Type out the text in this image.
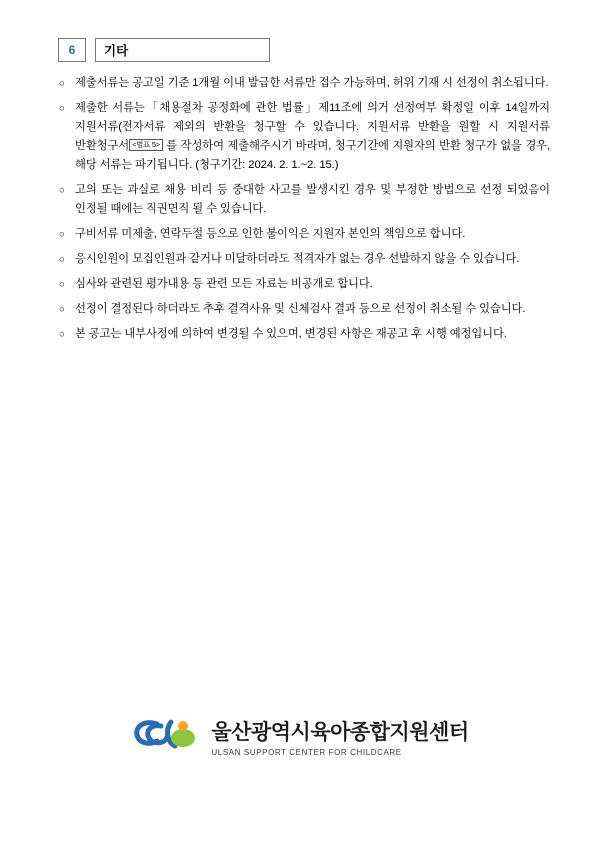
6	기타
○ 제출서류는 공고일 기준 1개월 이내 발급한 서류만 접수 가능하며, 허위 기재 시 선정이 취소됩니다.
○ 제출한 서류는「채용절차 공정화에 관한 법률」제11조에 의거 선정여부 확정일 이후 14일까지 지원서류(전자서류 제외의 반환을 청구할 수 있습니다. 지원서류 반환을 원할 시 지원서류 반환청구서 <별표 5> 를 작성하여 제출해주시기 바라며, 청구기간에 지원자의 반환 청구가 없을 경우, 해당 서류는 파기됩니다. (청구기간: 2024. 2. 1.~2. 15.)
○ 고의 또는 과실로 채용 비리 등 중대한 사고를 발생시킨 경우 및 부정한 방법으로 선정 되었음이 인정될 때에는 직권면직 될 수 있습니다.
○ 구비서류 미제출, 연락두절 등으로 인한 불이익은 지원자 본인의 책임으로 합니다.
○ 응시인원이 모집인원과 같거나 미달하더라도 적격자가 없는 경우 선발하지 않을 수 있습니다.
○ 심사와 관련된 평가내용 등 관련 모든 자료는 비공개로 합니다.
○ 선정이 결정된다 하더라도 추후 결격사유 및 신체검사 결과 등으로 선정이 취소될 수 있습니다.
○ 본 공고는 내부사정에 의하여 변경될 수 있으며, 변경된 사항은 재공고 후 시행 예정입니다.
울산광역시육아종합지원센터
ULSAN SUPPORT CENTER FOR CHILDCARE
